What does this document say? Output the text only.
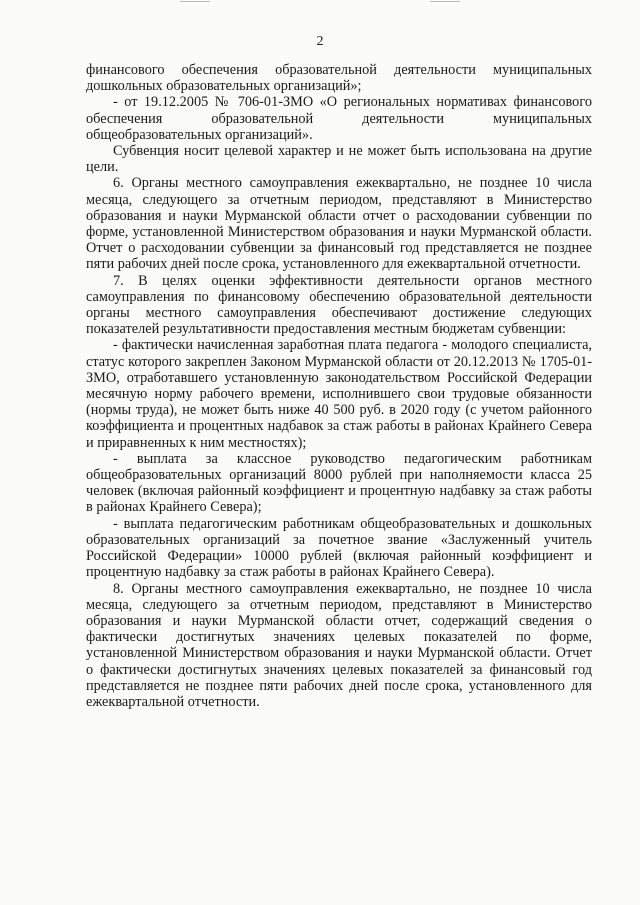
2

финансового обеспечения образовательной деятельности муниципальных дошкольных образовательных организаций»;

- от 19.12.2005 № 706-01-ЗМО «О региональных нормативах финансового обеспечения образовательной деятельности муниципальных общеобразовательных организаций».

Субвенция носит целевой характер и не может быть использована на другие цели.

6. Органы местного самоуправления ежеквартально, не позднее 10 числа месяца, следующего за отчетным периодом, представляют в Министерство образования и науки Мурманской области отчет о расходовании субвенции по форме, установленной Министерством образования и науки Мурманской области. Отчет о расходовании субвенции за финансовый год представляется не позднее пяти рабочих дней после срока, установленного для ежеквартальной отчетности.

7. В целях оценки эффективности деятельности органов местного самоуправления по финансовому обеспечению образовательной деятельности органы местного самоуправления обеспечивают достижение следующих показателей результативности предоставления местным бюджетам субвенции:

- фактически начисленная заработная плата педагога - молодого специалиста, статус которого закреплен Законом Мурманской области от 20.12.2013 № 1705-01-ЗМО, отработавшего установленную законодательством Российской Федерации месячную норму рабочего времени, исполнившего свои трудовые обязанности (нормы труда), не может быть ниже 40 500 руб. в 2020 году (с учетом районного коэффициента и процентных надбавок за стаж работы в районах Крайнего Севера и приравненных к ним местностях);

- выплата за классное руководство педагогическим работникам общеобразовательных организаций 8000 рублей при наполняемости класса 25 человек (включая районный коэффициент и процентную надбавку за стаж работы в районах Крайнего Севера);

- выплата педагогическим работникам общеобразовательных и дошкольных образовательных организаций за почетное звание «Заслуженный учитель Российской Федерации» 10000 рублей (включая районный коэффициент и процентную надбавку за стаж работы в районах Крайнего Севера).

8. Органы местного самоуправления ежеквартально, не позднее 10 числа месяца, следующего за отчетным периодом, представляют в Министерство образования и науки Мурманской области отчет, содержащий сведения о фактически достигнутых значениях целевых показателей по форме, установленной Министерством образования и науки Мурманской области. Отчет о фактически достигнутых значениях целевых показателей за финансовый год представляется не позднее пяти рабочих дней после срока, установленного для ежеквартальной отчетности.
